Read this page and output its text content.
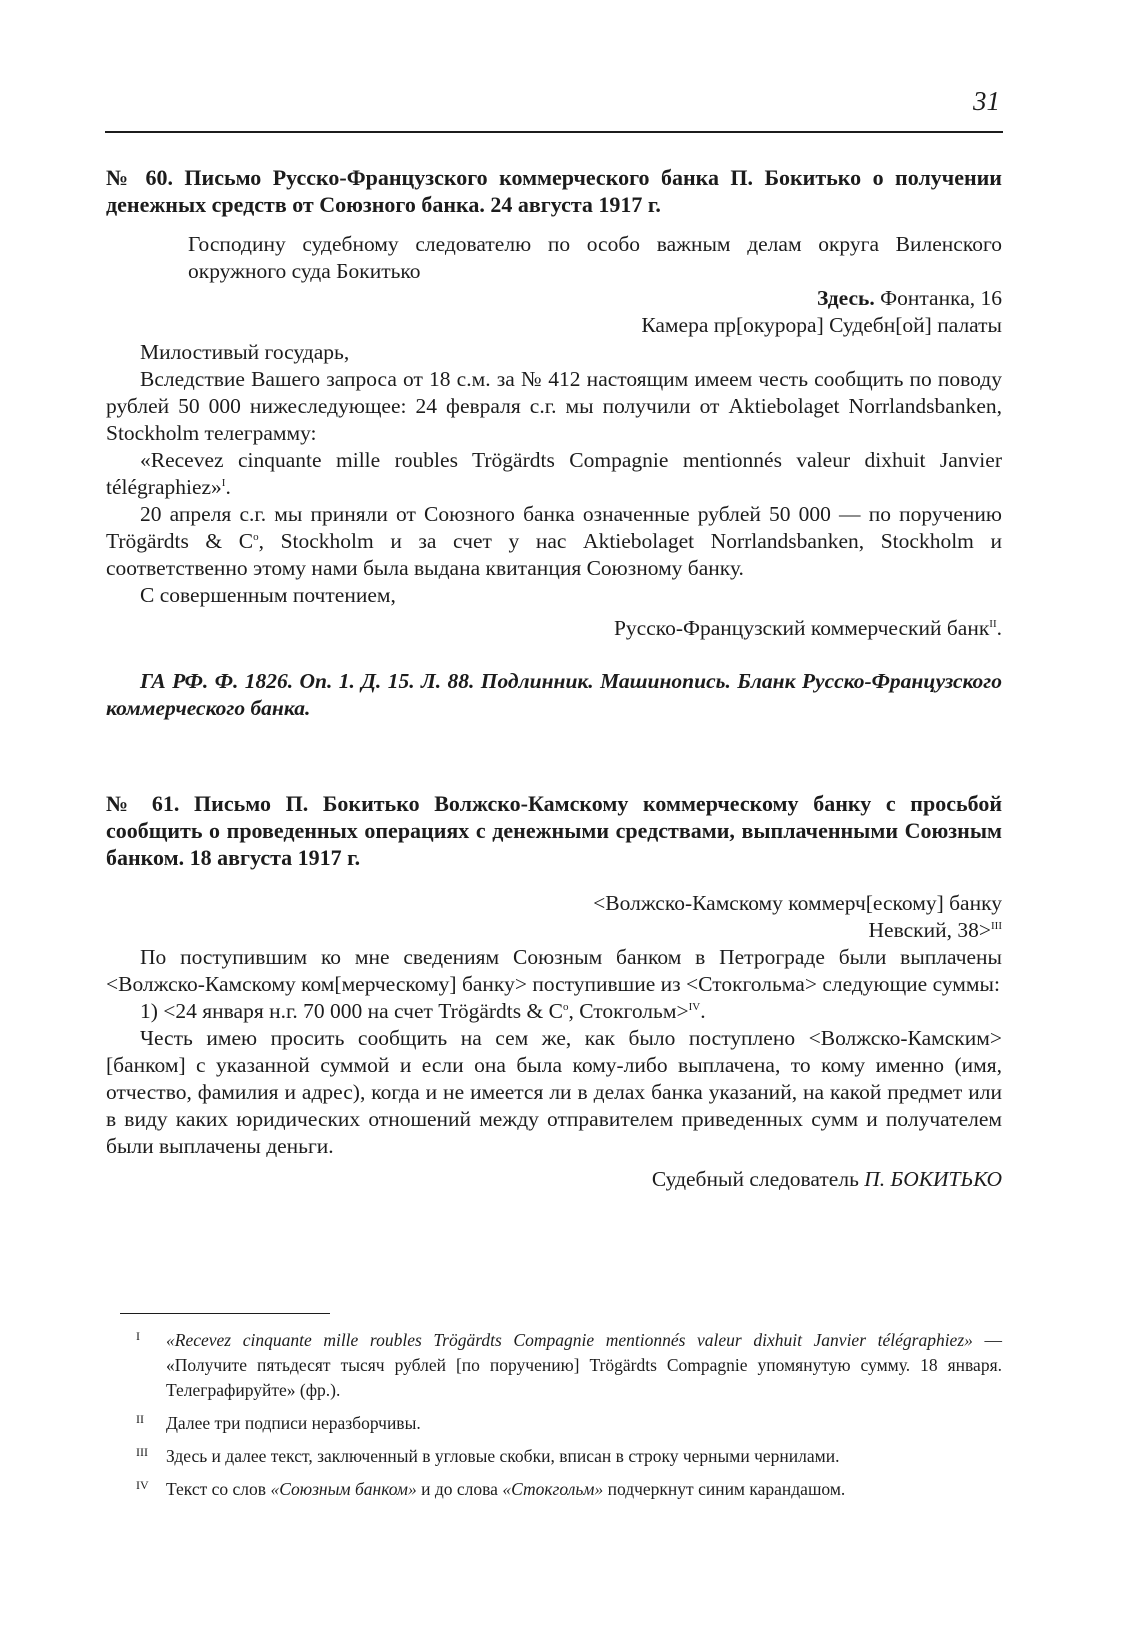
31
№ 60. Письмо Русско-Французского коммерческого банка П. Бокитько о получении денежных средств от Союзного банка. 24 августа 1917 г.
Господину судебному следователю по особо важным делам округа Виленского окружного суда Бокитько
Здесь. Фонтанка, 16
Камера пр[окурора] Судебн[ой] палаты
Милостивый государь,
Вследствие Вашего запроса от 18 с.м. за № 412 настоящим имеем честь сообщить по поводу рублей 50 000 нижеследующее: 24 февраля с.г. мы получили от Aktiebolaget Norrlandsbanken, Stockholm телеграмму:
«Recevez cinquante mille roubles Trögärdts Compagnie mentionnés valeur dixhuit Janvier télégraphiez»$^I$.
20 апреля с.г. мы приняли от Союзного банка означенные рублей 50 000 — по поручению Trögärdts & $C^o$, Stockholm и за счет у нас Aktiebolaget Norrlandsbanken, Stockholm и соответственно этому нами была выдана квитанция Союзному банку.
С совершенным почтением,
Русско-Французский коммерческий банк$^{II}$.
ГА РФ. Ф. 1826. Оп. 1. Д. 15. Л. 88. Подлинник. Машинопись. Бланк Русско-Французского коммерческого банка.
№ 61. Письмо П. Бокитько Волжско-Камскому коммерческому банку с просьбой сообщить о проведенных операциях с денежными средствами, выплаченными Союзным банком. 18 августа 1917 г.
<Волжско-Камскому коммерч[ескому] банку
Невский, 38>$^{III}$
По поступившим ко мне сведениям Союзным банком в Петрограде были выплачены <Волжско-Камскому ком[мерческому] банку> поступившие из <Стокгольма> следующие суммы:
1) <24 января н.г. 70 000 на счет Trögärdts & $C^o$, Стокгольм>$^{IV}$.
Честь имею просить сообщить на сем же, как было поступлено <Волжско-Камским> [банком] с указанной суммой и если она была кому-либо выплачена, то кому именно (имя, отчество, фамилия и адрес), когда и не имеется ли в делах банка указаний, на какой предмет или в виду каких юридических отношений между отправителем приведенных сумм и получателем были выплачены деньги.
Судебный следователь П. БОКИТЬКО
I «Recevez cinquante mille roubles Trögärdts Compagnie mentionnés valeur dixhuit Janvier télégraphiez» — «Получите пятьдесят тысяч рублей [по поручению] Trögärdts Compagnie упомянутую сумму. 18 января. Телеграфируйте» (фр.).
II Далее три подписи неразборчивы.
III Здесь и далее текст, заключенный в угловые скобки, вписан в строку черными чернилами.
IV Текст со слов «Союзным банком» и до слова «Стокгольм» подчеркнут синим карандашом.
